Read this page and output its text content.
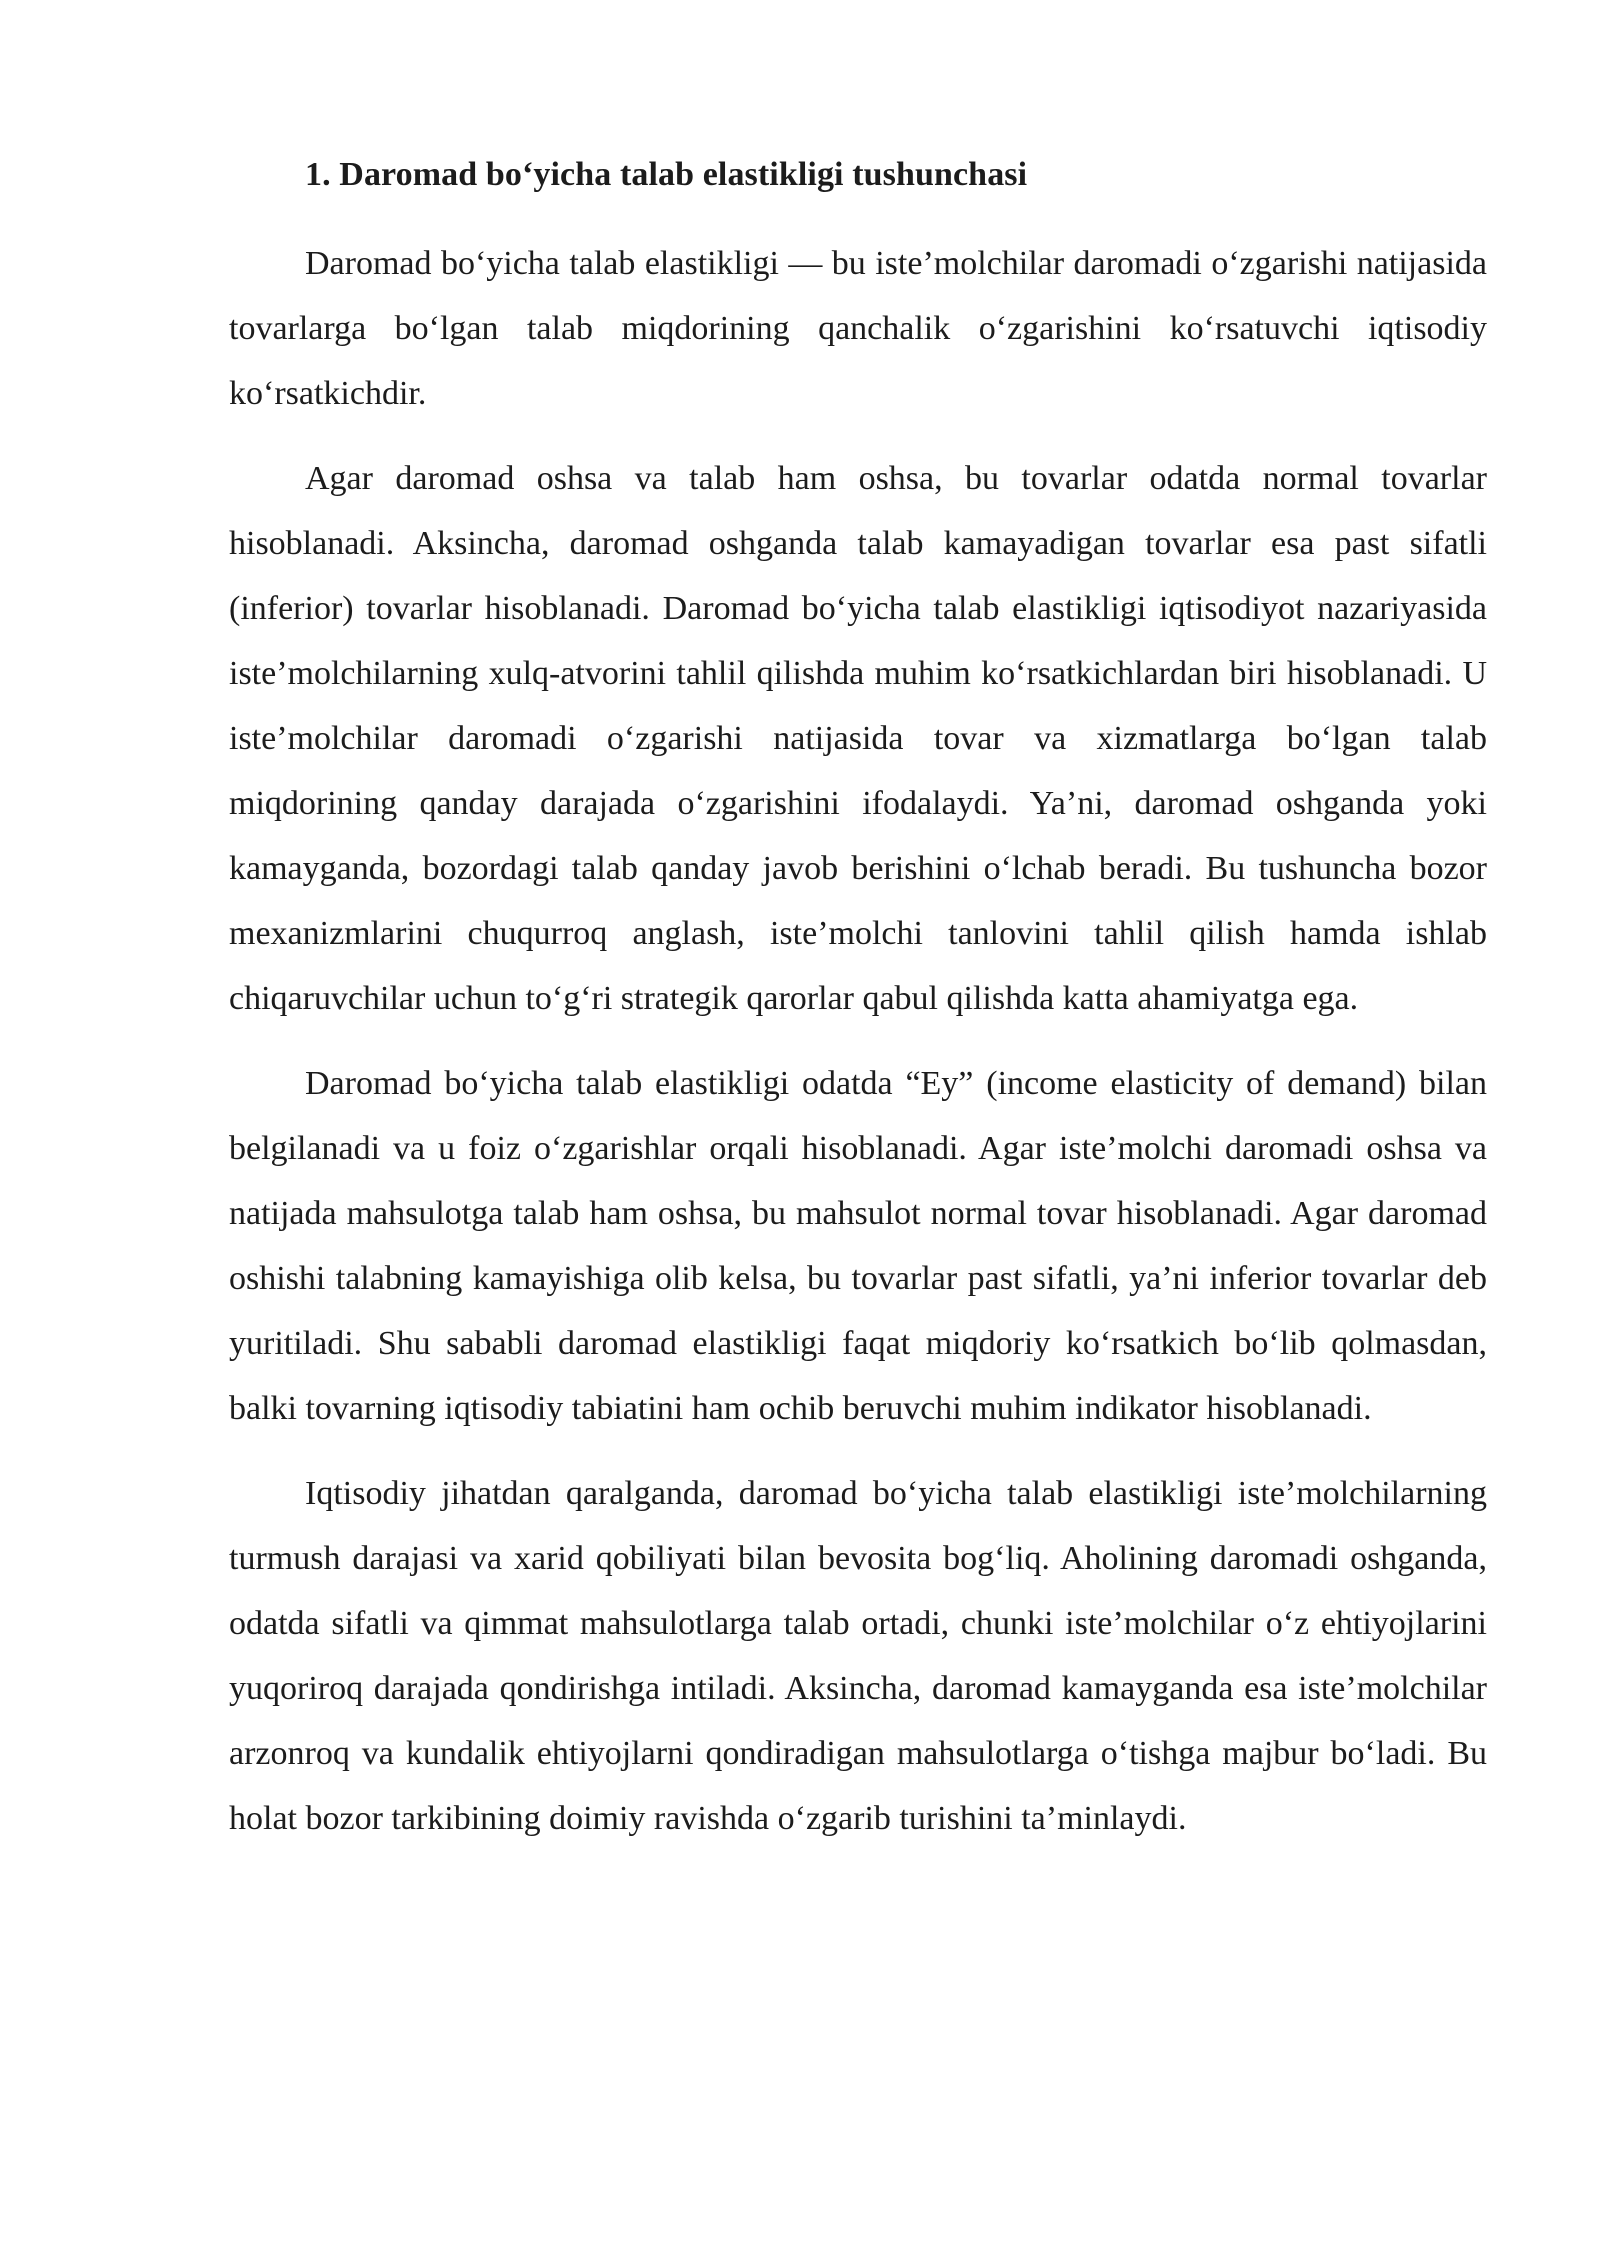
1. Daromad bo‘yicha talab elastikligi tushunchasi

Daromad bo‘yicha talab elastikligi — bu iste’molchilar daromadi o‘zgarishi natijasida tovarlarga bo‘lgan talab miqdorining qanchalik o‘zgarishini ko‘rsatuvchi iqtisodiy ko‘rsatkichdir.

Agar daromad oshsa va talab ham oshsa, bu tovarlar odatda normal tovarlar hisoblanadi. Aksincha, daromad oshganda talab kamayadigan tovarlar esa past sifatli (inferior) tovarlar hisoblanadi. Daromad bo‘yicha talab elastikligi iqtisodiyot nazariyasida iste’molchilarning xulq-atvorini tahlil qilishda muhim ko‘rsatkichlardan biri hisoblanadi. U iste’molchilar daromadi o‘zgarishi natijasida tovar va xizmatlarga bo‘lgan talab miqdorining qanday darajada o‘zgarishini ifodalaydi. Ya’ni, daromad oshganda yoki kamayganda, bozordagi talab qanday javob berishini o‘lchab beradi. Bu tushuncha bozor mexanizmlarini chuqurroq anglash, iste’molchi tanlovini tahlil qilish hamda ishlab chiqaruvchilar uchun to‘g‘ri strategik qarorlar qabul qilishda katta ahamiyatga ega.

Daromad bo‘yicha talab elastikligi odatda “Ey” (income elasticity of demand) bilan belgilanadi va u foiz o‘zgarishlar orqali hisoblanadi. Agar iste’molchi daromadi oshsa va natijada mahsulotga talab ham oshsa, bu mahsulot normal tovar hisoblanadi. Agar daromad oshishi talabning kamayishiga olib kelsa, bu tovarlar past sifatli, ya’ni inferior tovarlar deb yuritiladi. Shu sababli daromad elastikligi faqat miqdoriy ko‘rsatkich bo‘lib qolmasdan, balki tovarning iqtisodiy tabiatini ham ochib beruvchi muhim indikator hisoblanadi.

Iqtisodiy jihatdan qaralganda, daromad bo‘yicha talab elastikligi iste’molchilarning turmush darajasi va xarid qobiliyati bilan bevosita bog‘liq. Aholining daromadi oshganda, odatda sifatli va qimmat mahsulotlarga talab ortadi, chunki iste’molchilar o‘z ehtiyojlarini yuqoriroq darajada qondirishga intiladi. Aksincha, daromad kamayganda esa iste’molchilar arzonroq va kundalik ehtiyojlarni qondiradigan mahsulotlarga o‘tishga majbur bo‘ladi. Bu holat bozor tarkibining doimiy ravishda o‘zgarib turishini ta’minlaydi.
